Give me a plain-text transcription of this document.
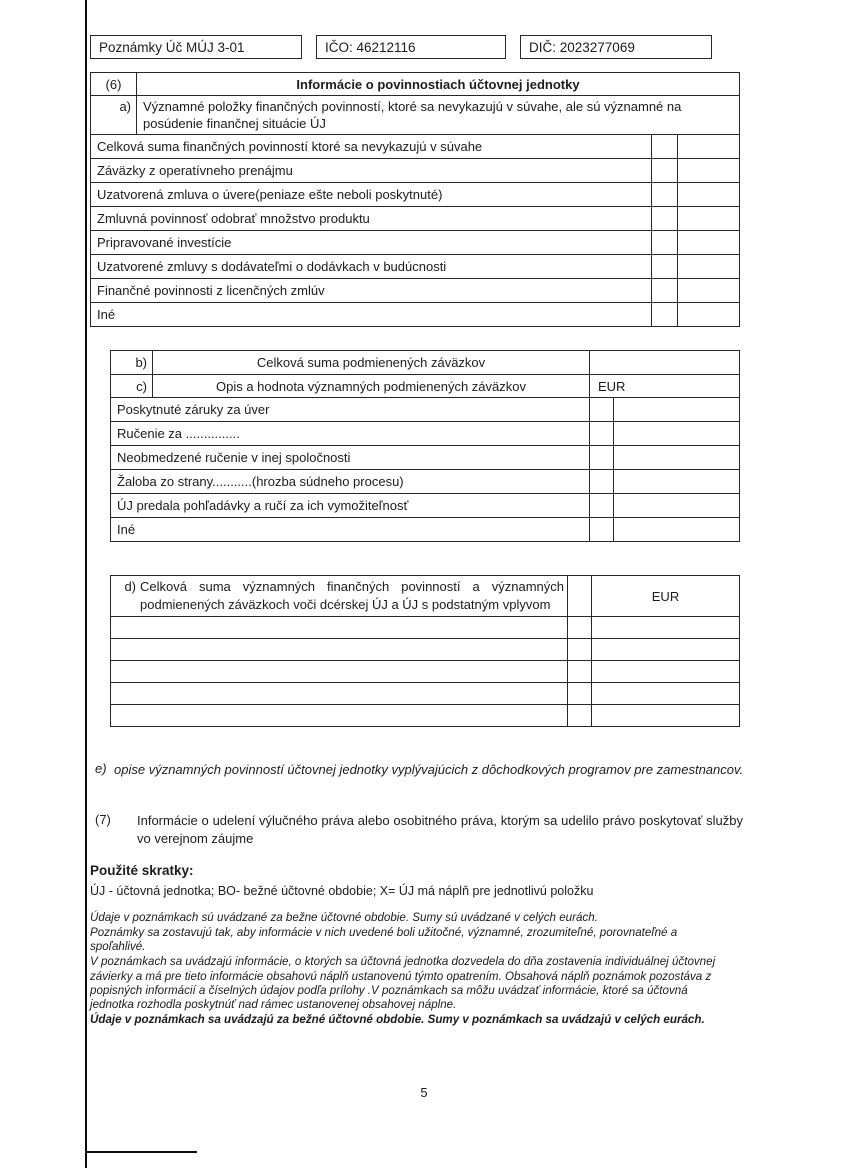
Poznámky Úč MÚJ 3-01	IČO: 46212116	DIČ: 2023277069
(6)	Informácie o povinnostiach účtovnej jednotky
a) Významné položky finančných povinností, ktoré sa nevykazujú v súvahe, ale sú významné na posúdenie finančnej situácie ÚJ
Celková suma finančných povinností ktoré sa nevykazujú v súvahe
Záväzky z operatívneho prenájmu
Uzatvorená zmluva o úvere(peniaze ešte neboli poskytnuté)
Zmluvná povinnosť odobrať množstvo produktu
Pripravované investície
Uzatvorené zmluvy s dodávateľmi o dodávkach v budúcnosti
Finančné povinnosti z licenčných zmlúv
Iné
b)	Celková suma podmienených záväzkov
c)	Opis a hodnota významných podmienených záväzkov	EUR
Poskytnuté záruky za úver
Ručenie za ...............
Neobmedzené ručenie v inej spoločnosti
Žaloba zo strany...........(hrozba súdneho procesu)
ÚJ predala pohľadávky a ručí za ich vymožiteľnosť
Iné
d) Celková suma významných finančných povinností a významných podmienených záväzkoch voči dcérskej ÚJ a ÚJ s podstatným vplyvom
EUR
e) opise významných povinností účtovnej jednotky vyplývajúcich z dôchodkových programov pre zamestnancov.
(7)	Informácie o udelení výlučného práva alebo osobitného práva, ktorým sa udelilo právo poskytovať služby vo verejnom záujme
Použité skratky:
ÚJ - účtovná jednotka; BO- bežné účtovné obdobie; X= ÚJ má náplň pre jednotlivú položku

Údaje v poznámkach sú uvádzané za bežne účtovné obdobie. Sumy sú uvádzané v celých eurách.

Poznámky sa zostavujú tak, aby informácie v nich uvedené boli užitočné, významné, zrozumiteľné, porovnateľné a spoľahlivé.

V poznámkach sa uvádzajú informácie, o ktorých sa účtovná jednotka dozvedela do dňa zostavenia individuálnej účtovnej závierky a má pre tieto informácie obsahovú náplň ustanovenú týmto opatrením. Obsahová náplň poznámok pozostáva z popisných informácií a číselných údajov podľa prílohy .V poznámkach sa môžu uvádzať informácie, ktoré sa účtovná jednotka rozhodla poskytnúť nad rámec ustanovenej obsahovej náplne.

Údaje v poznámkach sa uvádzajú za bežné účtovné obdobie. Sumy v poznámkach sa uvádzajú v celých eurách.

5
